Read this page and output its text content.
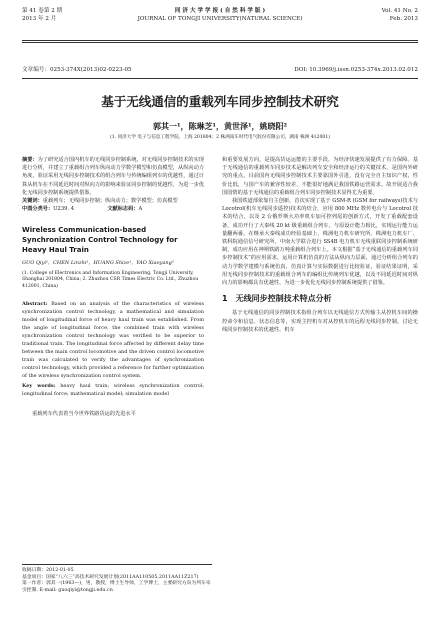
第 41 卷第 2 期
2013 年 2 月
同 济 大 学 学 报 ( 自 然 科 学 版 )
JOURNAL OF TONGJI UNIVERSITY(NATURAL SCIENCE)
Vol. 41 No. 2
Feb. 2013
文章编号：0253-374X(2013)02-0223-05	DOI: 10.3969/j.issn.0253-374x.2013.02.012
基于无线通信的重载列车同步控制技术研究
郭其一¹，陈琳芝¹，黄世泽¹，姚晓阳²
(1. 同济大学 电子与信息工程学院，上海 201804；2 株洲南车时代电气股份有限公司，湖南 株洲 412001)

摘要：为了研究适合国内机车的无线同步控制系统，对无线同步控制技术的实现进行分析，并建立了重载组合列车纵向动力学数学模型和仿真模型，从纵向动力角度，验证采用无线同步控制技术的组合列车与传统编组列车的优越性，通过计算从机车在不同延迟时间对纵向力的影响来验证同步控制的优越性，为进一步优化无线同步控制系统提供借鉴。

关键词：重载列车；无线同步控制；纵向动力；数学模型；仿真模型

中图分类号：U239. 4	文献标志码：A

Wireless Communication-based Synchronization Control Technology for Heavy Haul Train
GUO Qiyi¹，CHEN Linzhi¹，HUANG Shize¹，YAO Xiaoyang²
(1. College of Electronics and Information Engineering, Tongji University, Shanghai 201804, China; 2. Zhuzhou CSR Times Electric Co. Ltd., Zhuzhou 412001, China)

Abstract: Based on an analysis of the characteristics of wireless synchronization control technology, a mathematical and simulation model of longitudinal force of heavy haul train was established. From the angle of longitudinal force, the combined train with wireless synchronization control technology was verified to be superior to traditional train. The longitudinal force affected by different delay time between the main control locomotive and the driven control locomotive train was calculated to verify the advantages of synchronization control technology, which provided a reference for further optimization of the wireless synchronization control system.

Key words: heavy haul train; wireless synchronization control; longitudinal force; mathematical model; simulation model

重载列车代表着当今世界铁路货运的先进水平

收稿日期：2012-01-05
基金项目：国家“八六三”高技术研究发展计划(2011AA110505,2011AA11Z217)
第一作者：郭其一(1963—)，男，教授，博士生导师，工学博士，主要研究方向为列车牵引控制. E-mail: guoqiyi@tongji.edu.cn

和重要发展方向，是提高货运运能的主要手段，为经济快速发展提供了有力保障。基于无线通信的重载列车同步技术是解决列车安全和经济运行的关键技术，是国内外研究的重点，目前国内无线同步控制技术主要靠国外引进，没有完全自主知识产权，性价比低，与国产车的兼容性较差，不能很好地满足我国铁路运营需求。故开展适合我国国情的基于无线通信的重载组合列车同步控制技术显得尤为重要。

我国铁道部依靠自主创新，首次实现了基于 GSM-R (GSM for railways)技术与 Locotrol(机车无线同步遥控)技术的结合，应用 800 MHz 数传电台与 Locotrol 技术的结合，以及 2 台俄罗斯大功率机车加可控列尾的创新方式，开发了重载配套设备，成功开行了大秦线 20 kt 级重载组合列车，与原设计能力相比，实现运行能力运量翻两番。在继承大秦线成功经验基础上，株洲电力机车研究所、株洲电力机车厂、铁科院通信信号研究所、中南大学联合进行 SS4B 电力机车无线重联同步控制系统研制，成功应用在神朔铁路万吨重载组合列车上。本文根据“基于无线通信的重载列车同步控制技术”的应用需求，运用计算机仿真的方法从纵向力层面，通过分析组合列车的动力学数学建模与系统仿真，仿真计算与实际数据进行比较验证，验证结果证明，采用无线同步控制技术的重载组合列车的编组比传统列车优越，以及不同延迟时间对纵向力的影响都具有优越性，为进一步优化无线同步控制系统提供了借鉴。

1　无线同步控制技术特点分析

基于无线通信的同步控制技术指组合列车以无线通信方式传输主从控机车间的操控命令和信息、状态信息等，实现主控机车对从控机车的远程无线同步控制。讨论无线同步控制技术的优越性，机车
